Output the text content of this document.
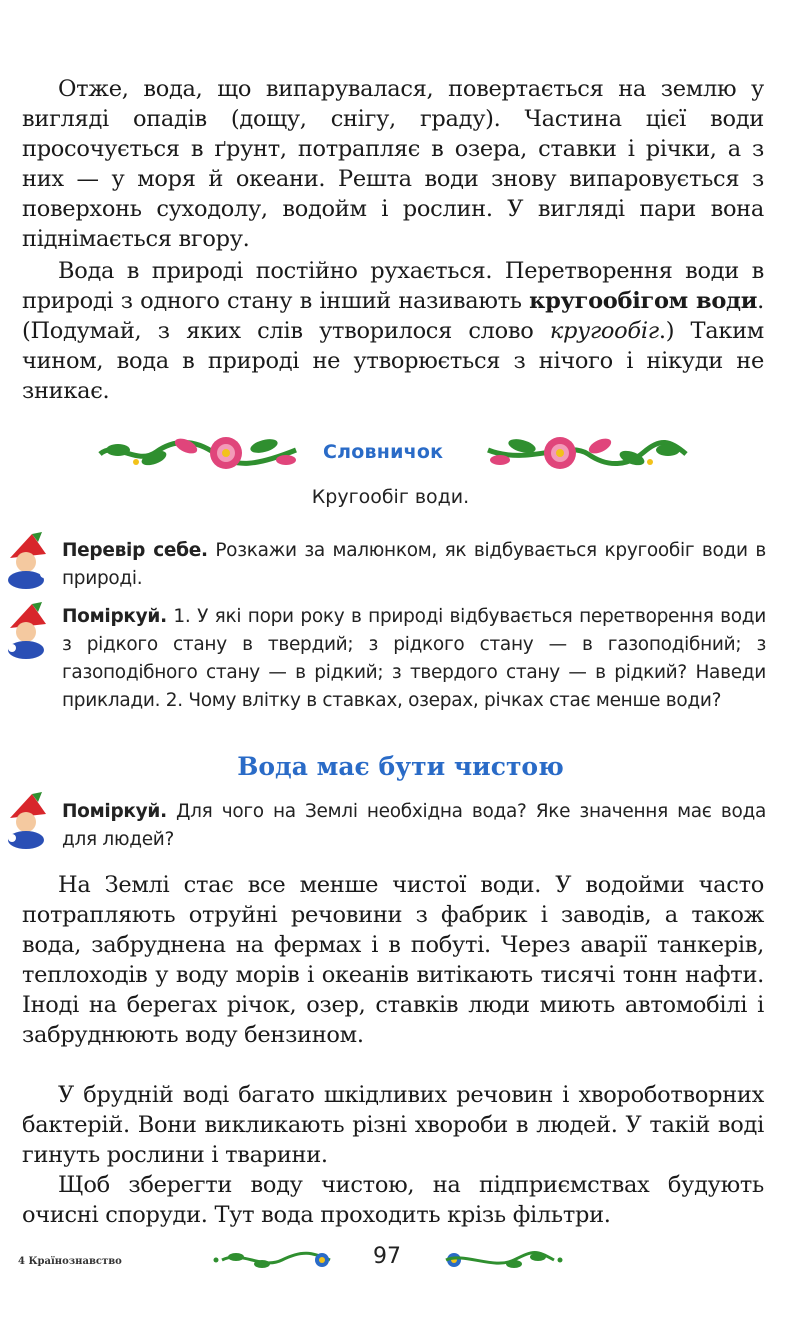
Отже, вода, що випарувалася, повертається на землю у вигляді опадів (дощу, снігу, граду). Частина цієї води просочується в ґрунт, потрапляє в озера, ставки і річки, а з них — у моря й океани. Решта води знову випаровується з поверхонь суходолу, водойм і рослин. У вигляді пари вона піднімається вгору.

Вода в природі постійно рухається. Перетворення води в природі з одного стану в інший називають кругообігом води. (Подумай, з яких слів утворилося слово кругообіг.) Таким чином, вода в природі не утворюється з нічого і нікуди не зникає.

Словничок
Кругообіг води.

Перевір себе. Розкажи за малюнком, як відбувається кругообіг води в природі.

Поміркуй. 1. У які пори року в природі відбувається перетворення води з рідкого стану в твердий; з рідкого стану — в газоподібний; з газоподібного стану — в рідкий; з твердого стану — в рідкий? Наведи приклади. 2. Чому влітку в ставках, озерах, річках стає менше води?

Вода має бути чистою

Поміркуй. Для чого на Землі необхідна вода? Яке значення має вода для людей?

На Землі стає все менше чистої води. У водойми часто потрапляють отруйні речовини з фабрик і заводів, а також вода, забруднена на фермах і в побуті. Через аварії танкерів, теплоходів у воду морів і океанів витікають тисячі тонн нафти. Іноді на берегах річок, озер, ставків люди миють автомобілі і забруднюють воду бензином.

У брудній воді багато шкідливих речовин і хвороботворних бактерій. Вони викликають різні хвороби в людей. У такій воді гинуть рослини і тварини.

Щоб зберегти воду чистою, на підприємствах будують очисні споруди. Тут вода проходить крізь фільтри.

4 Країнознавство	97
